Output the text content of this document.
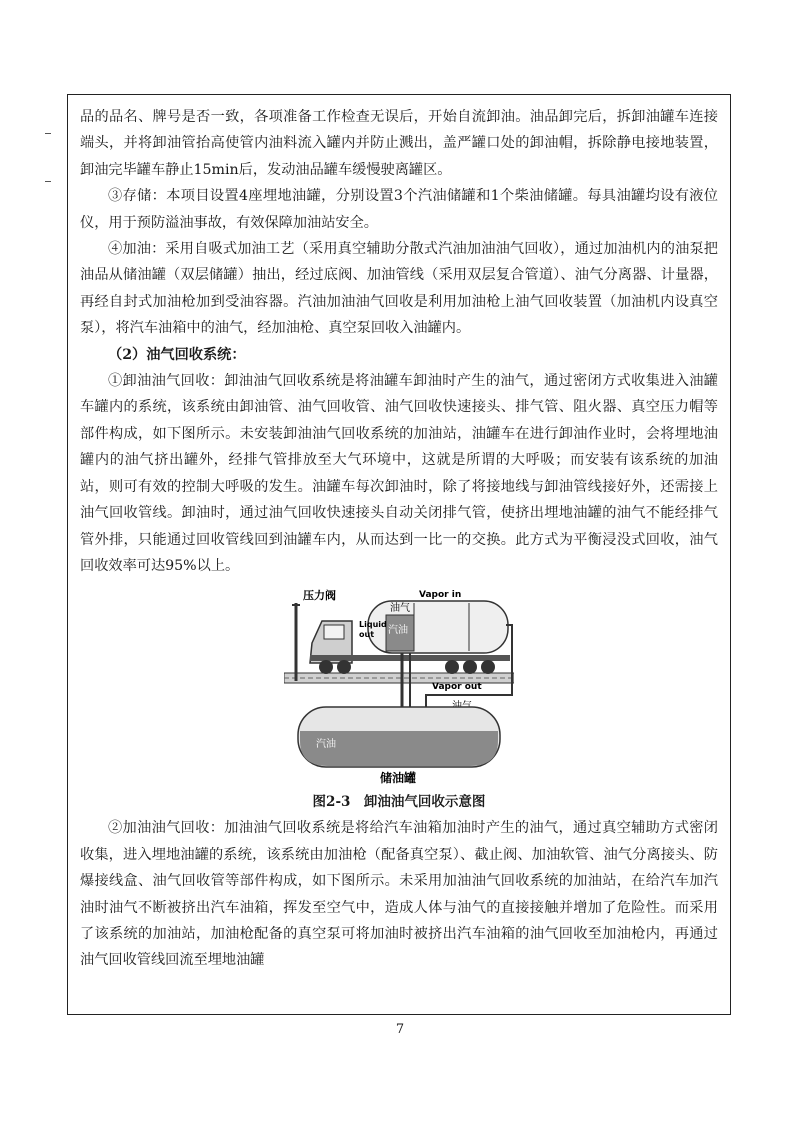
品的品名、牌号是否一致，各项准备工作检查无误后，开始自流卸油。油品卸完后，拆卸油罐车连接端头，并将卸油管抬高使管内油料流入罐内并防止溅出，盖严罐口处的卸油帽，拆除静电接地装置，卸油完毕罐车静止15min后，发动油品罐车缓慢驶离罐区。

③存储：本项目设置4座埋地油罐，分别设置3个汽油储罐和1个柴油储罐。每具油罐均设有液位仪，用于预防溢油事故，有效保障加油站安全。

④加油：采用自吸式加油工艺（采用真空辅助分散式汽油加油油气回收），通过加油机内的油泵把油品从储油罐（双层储罐）抽出，经过底阀、加油管线（采用双层复合管道）、油气分离器、计量器，再经自封式加油枪加到受油容器。汽油加油油气回收是利用加油枪上油气回收装置（加油机内设真空泵），将汽车油箱中的油气，经加油枪、真空泵回收入油罐内。

（2）油气回收系统：

①卸油油气回收：卸油油气回收系统是将油罐车卸油时产生的油气，通过密闭方式收集进入油罐车罐内的系统，该系统由卸油管、油气回收管、油气回收快速接头、排气管、阻火器、真空压力帽等部件构成，如下图所示。未安装卸油油气回收系统的加油站，油罐车在进行卸油作业时，会将埋地油罐内的油气挤出罐外，经排气管排放至大气环境中，这就是所谓的大呼吸；而安装有该系统的加油站，则可有效的控制大呼吸的发生。油罐车每次卸油时，除了将接地线与卸油管线接好外，还需接上油气回收管线。卸油时，通过油气回收快速接头自动关闭排气管，使挤出埋地油罐的油气不能经排气管外排，只能通过回收管线回到油罐车内，从而达到一比一的交换。此方式为平衡浸没式回收，油气回收效率可达95%以上。

压力阀
油气
汽油
Vapor in
Liquid
out
Vapor out
汽油
储油罐
图2-3　卸油油气回收示意图

②加油油气回收：加油油气回收系统是将给汽车油箱加油时产生的油气，通过真空辅助方式密闭收集，进入埋地油罐的系统，该系统由加油枪（配备真空泵）、截止阀、加油软管、油气分离接头、防爆接线盒、油气回收管等部件构成，如下图所示。未采用加油油气回收系统的加油站，在给汽车加汽油时油气不断被挤出汽车油箱，挥发至空气中，造成人体与油气的直接接触并增加了危险性。而采用了该系统的加油站，加油枪配备的真空泵可将加油时被挤出汽车油箱的油气回收至加油枪内，再通过油气回收管线回流至埋地油罐

7
